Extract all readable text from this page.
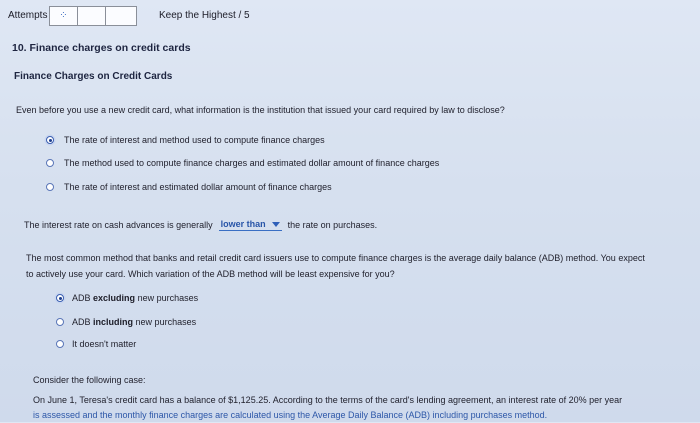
Attempts ⁘	Keep the Highest / 5
10. Finance charges on credit cards
Finance Charges on Credit Cards
Even before you use a new credit card, what information is the institution that issued your card required by law to disclose?
The rate of interest and method used to compute finance charges
The method used to compute finance charges and estimated dollar amount of finance charges
The rate of interest and estimated dollar amount of finance charges
The interest rate on cash advances is generally lower than the rate on purchases.
The most common method that banks and retail credit card issuers use to compute finance charges is the average daily balance (ADB) method. You expect to actively use your card. Which variation of the ADB method will be least expensive for you?
ADB excluding new purchases
ADB including new purchases
It doesn't matter
Consider the following case:
On June 1, Teresa's credit card has a balance of $1,125.25. According to the terms of the card's lending agreement, an interest rate of 20% per year
is assessed and the monthly finance charges are calculated using the Average Daily Balance (ADB) including purchases method.
